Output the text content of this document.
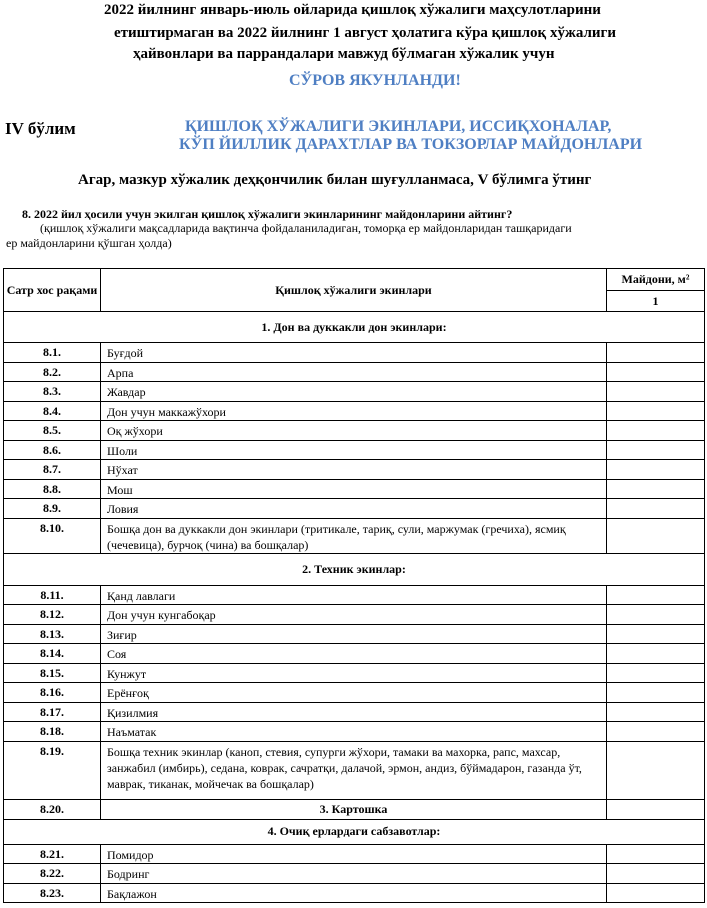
2022 йилнинг январь-июль ойларида қишлоқ хўжалиги маҳсулотларини
етиштирмаган ва 2022 йилнинг 1 август ҳолатига кўра қишлоқ хўжалиги
ҳайвонлари ва паррандалари мавжуд бўлмаган хўжалик учун
СЎРОВ ЯКУНЛАНДИ!
IV бўлим	ҚИШЛОҚ ХЎЖАЛИГИ ЭКИНЛАРИ, ИССИҚХОНАЛАР,
КЎП ЙИЛЛИК ДАРАХТЛАР ВА ТОКЗОРЛАР МАЙДОНЛАРИ
Агар, мазкур хўжалик деҳқончилик билан шуғулланмаса, V бўлимга ўтинг
8. 2022 йил ҳосили учун экилган қишлоқ хўжалиги экинларининг майдонларини айтинг?
(қишлоқ хўжалиги мақсадларида вақтинча фойдаланиладиган, томорқа ер майдонларидан ташқаридаги
ер майдонларини қўшган ҳолда)
Сатр хос рақами	Қишлоқ хўжалиги экинлари	Майдони, м²
		1
1. Дон ва дуккакли дон экинлари:		
8.1.	Буғдой	
8.2.	Арпа	
8.3.	Жавдар	
8.4.	Дон учун маккажўхори	
8.5.	Оқ жўхори	
8.6.	Шоли	
8.7.	Нўхат	
8.8.	Мош	
8.9.	Ловия	
8.10.	Бошқа дон ва дуккакли дон экинлари (тритикале, тариқ, сули, маржумак (гречиха), ясмиқ (чечевица), бурчоқ (чина) ва бошқалар)	
2. Техник экинлар:		
8.11.	Қанд лавлаги	
8.12.	Дон учун кунгабоқар	
8.13.	Зиғир	
8.14.	Соя	
8.15.	Кунжут	
8.16.	Ерёнғоқ	
8.17.	Қизилмия	
8.18.	Наъматак	
8.19.	Бошқа техник экинлар (каноп, стевия, супурги жўхори, тамаки ва махорка, рапс, махсар, занжабил (имбирь), седана, коврак, сачратқи, далачой, эрмон, андиз, бўймадарон, газанда ўт, маврак, тиканак, мойчечак ва бошқалар)	
8.20.	3. Картошка	
4. Очиқ ерлардаги сабзавотлар:		
8.21.	Помидор	
8.22.	Бодринг	
8.23.	Бақлажон	
